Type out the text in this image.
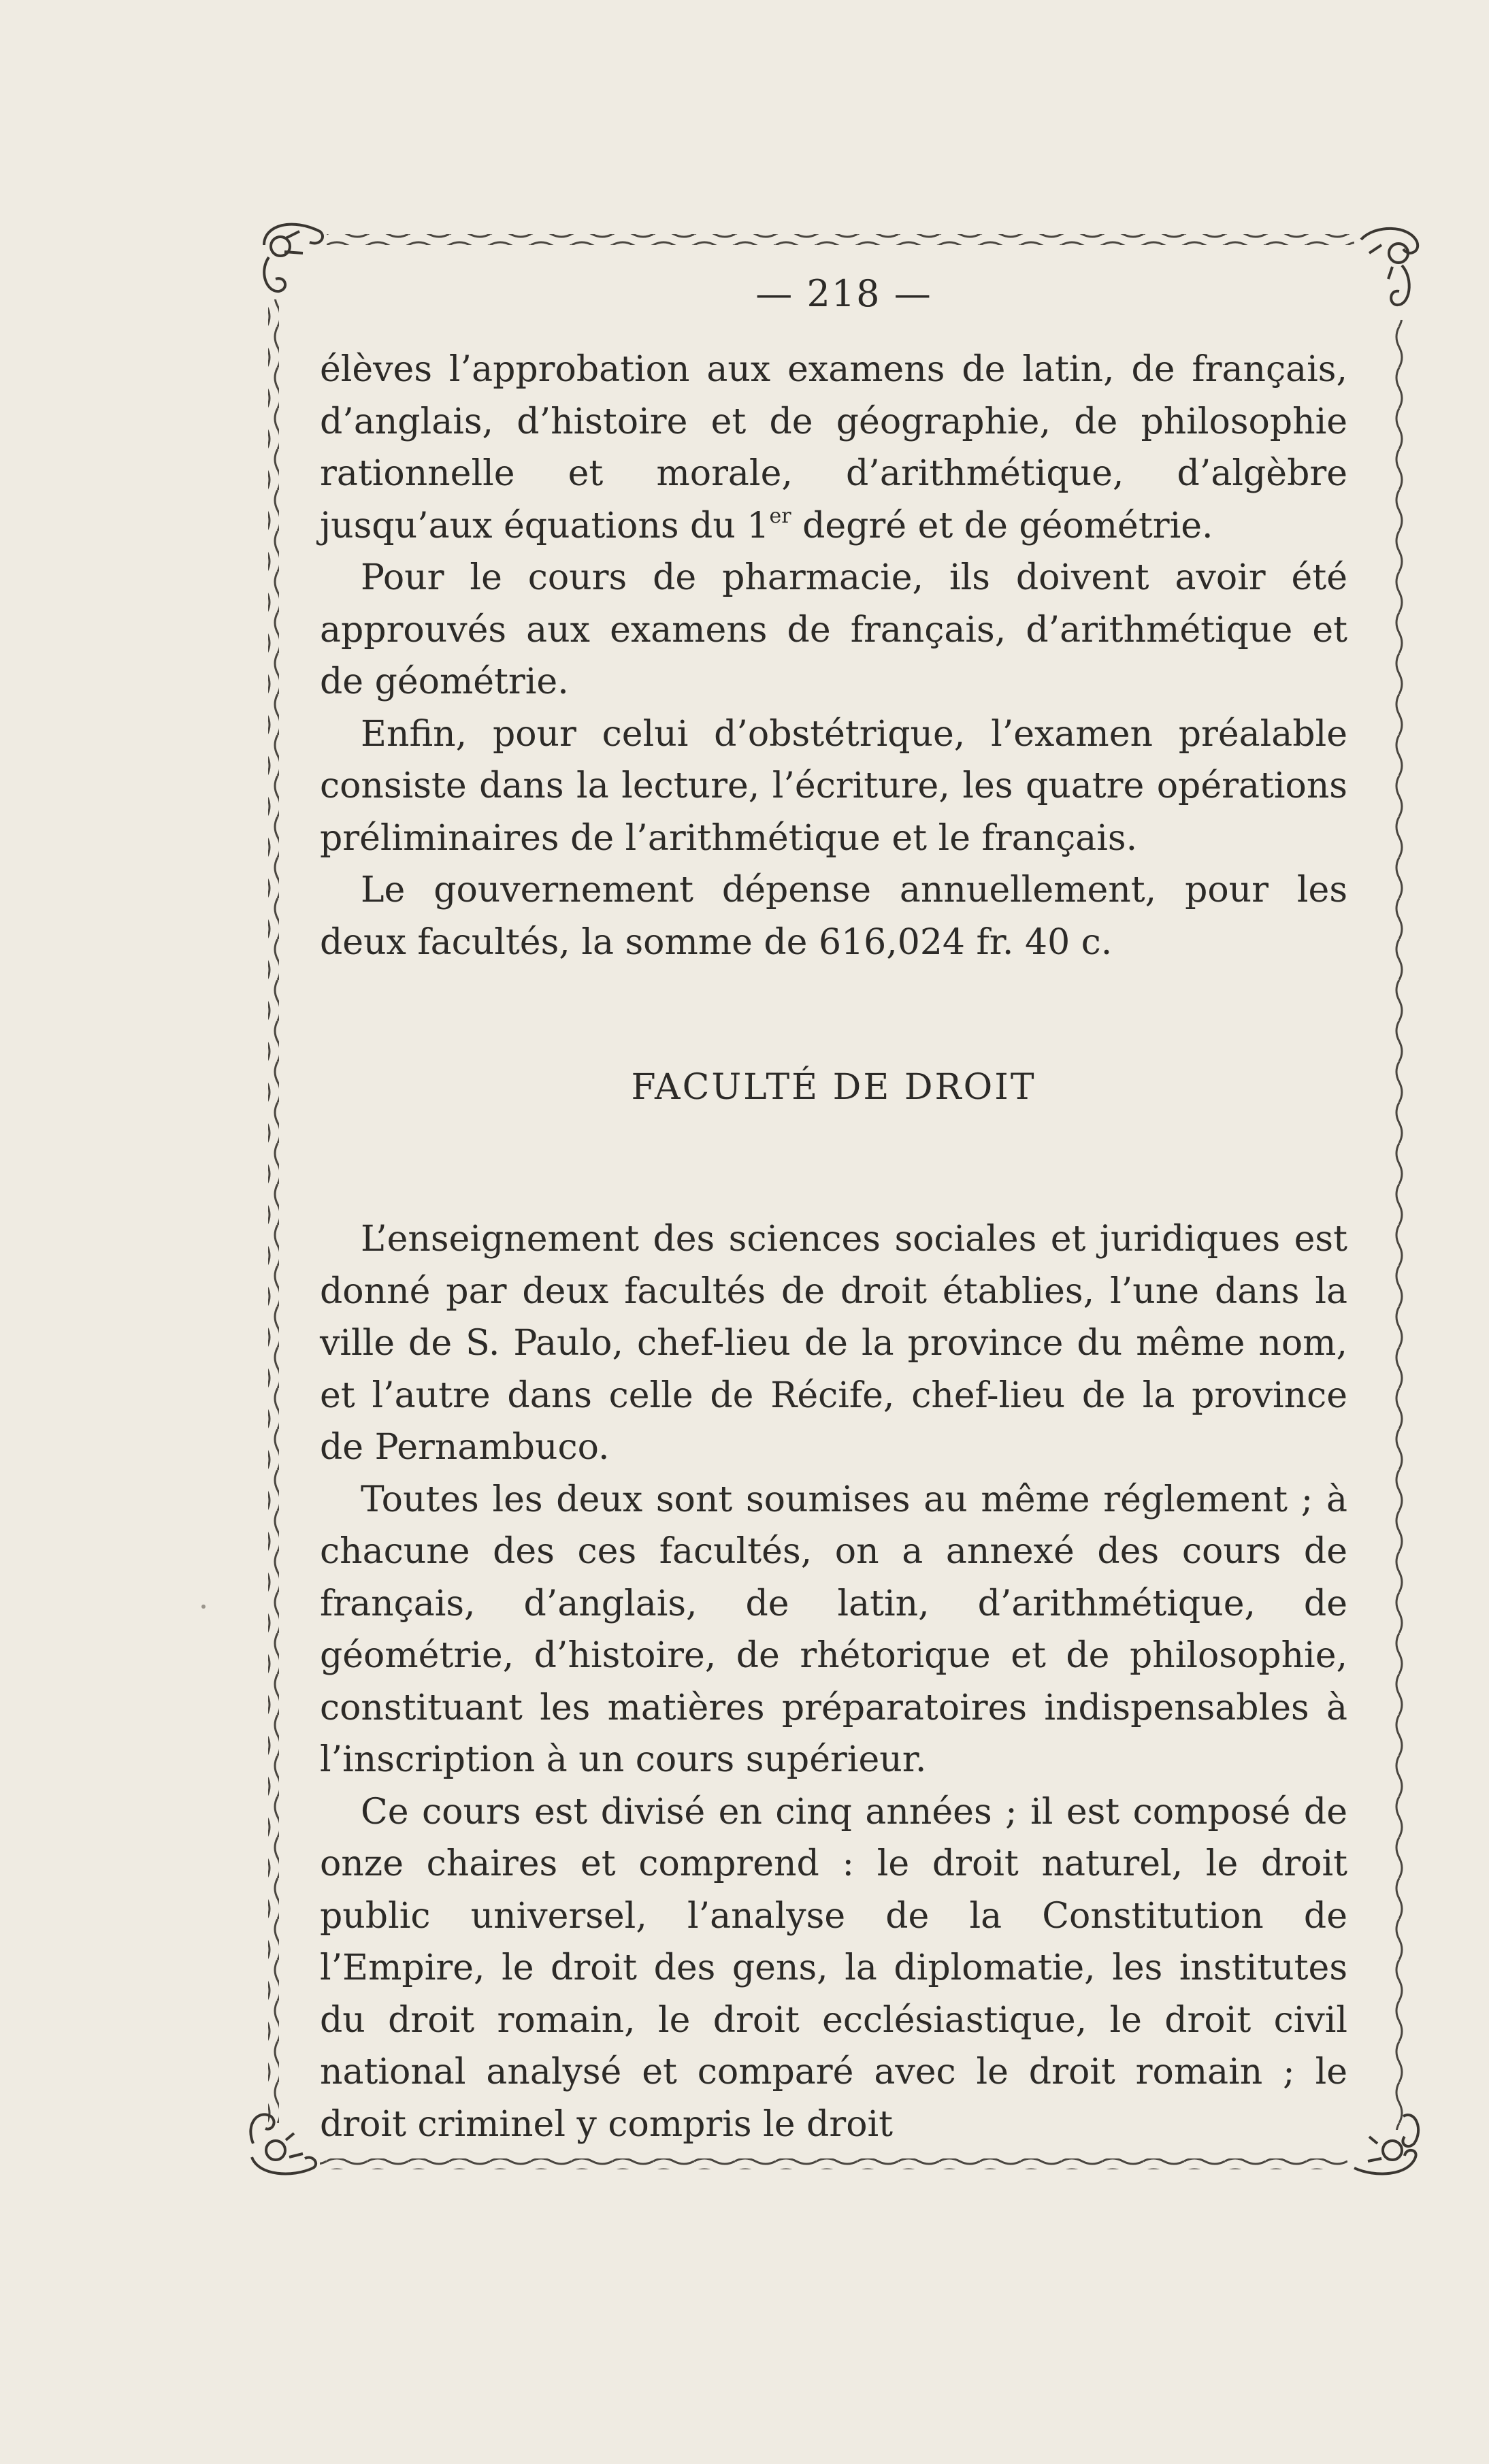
— 218 —

élèves l’approbation aux examens de latin, de français, d’anglais, d’histoire et de géographie, de philosophie rationnelle et morale, d’arithmétique, d’algèbre jusqu’aux équations du 1er degré et de géométrie.

Pour le cours de pharmacie, ils doivent avoir été approuvés aux examens de français, d’arithmétique et de géométrie.

Enfin, pour celui d’obstétrique, l’examen préalable consiste dans la lecture, l’écriture, les quatre opérations préliminaires de l’arithmétique et le français.

Le gouvernement dépense annuellement, pour les deux facultés, la somme de 616,024 fr. 40 c.

FACULTÉ DE DROIT

L’enseignement des sciences sociales et juridiques est donné par deux facultés de droit établies, l’une dans la ville de S. Paulo, chef-lieu de la province du même nom, et l’autre dans celle de Récife, chef-lieu de la province de Pernambuco.

Toutes les deux sont soumises au même réglement ; à chacune des ces facultés, on a annexé des cours de français, d’anglais, de latin, d’arithmétique, de géométrie, d’histoire, de rhétorique et de philosophie, constituant les matières préparatoires indispensables à l’inscription à un cours supérieur.

Ce cours est divisé en cinq années ; il est composé de onze chaires et comprend : le droit naturel, le droit public universel, l’analyse de la Constitution de l’Empire, le droit des gens, la diplomatie, les institutes du droit romain, le droit ecclésiastique, le droit civil national analysé et comparé avec le droit romain ; le droit criminel y compris le droit
